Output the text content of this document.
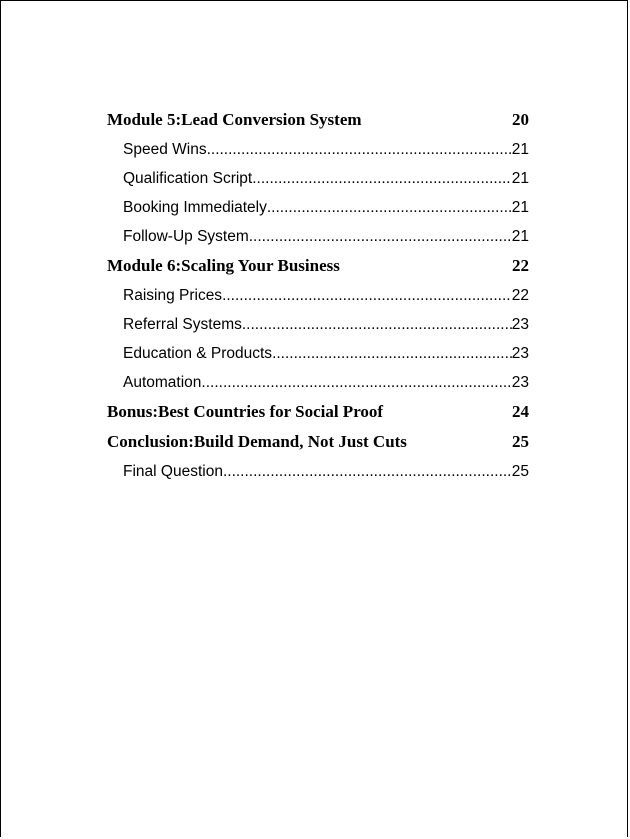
Module 5:Lead Conversion System	20
Speed Wins .....	21
Qualification Script .....	21
Booking Immediately .....	21
Follow-Up System .....	21
Module 6:Scaling Your Business	22
Raising Prices .....	22
Referral Systems .....	23
Education & Products .....	23
Automation .....	23
Bonus:Best Countries for Social Proof	24
Conclusion:Build Demand, Not Just Cuts	25
Final Question .....	25
